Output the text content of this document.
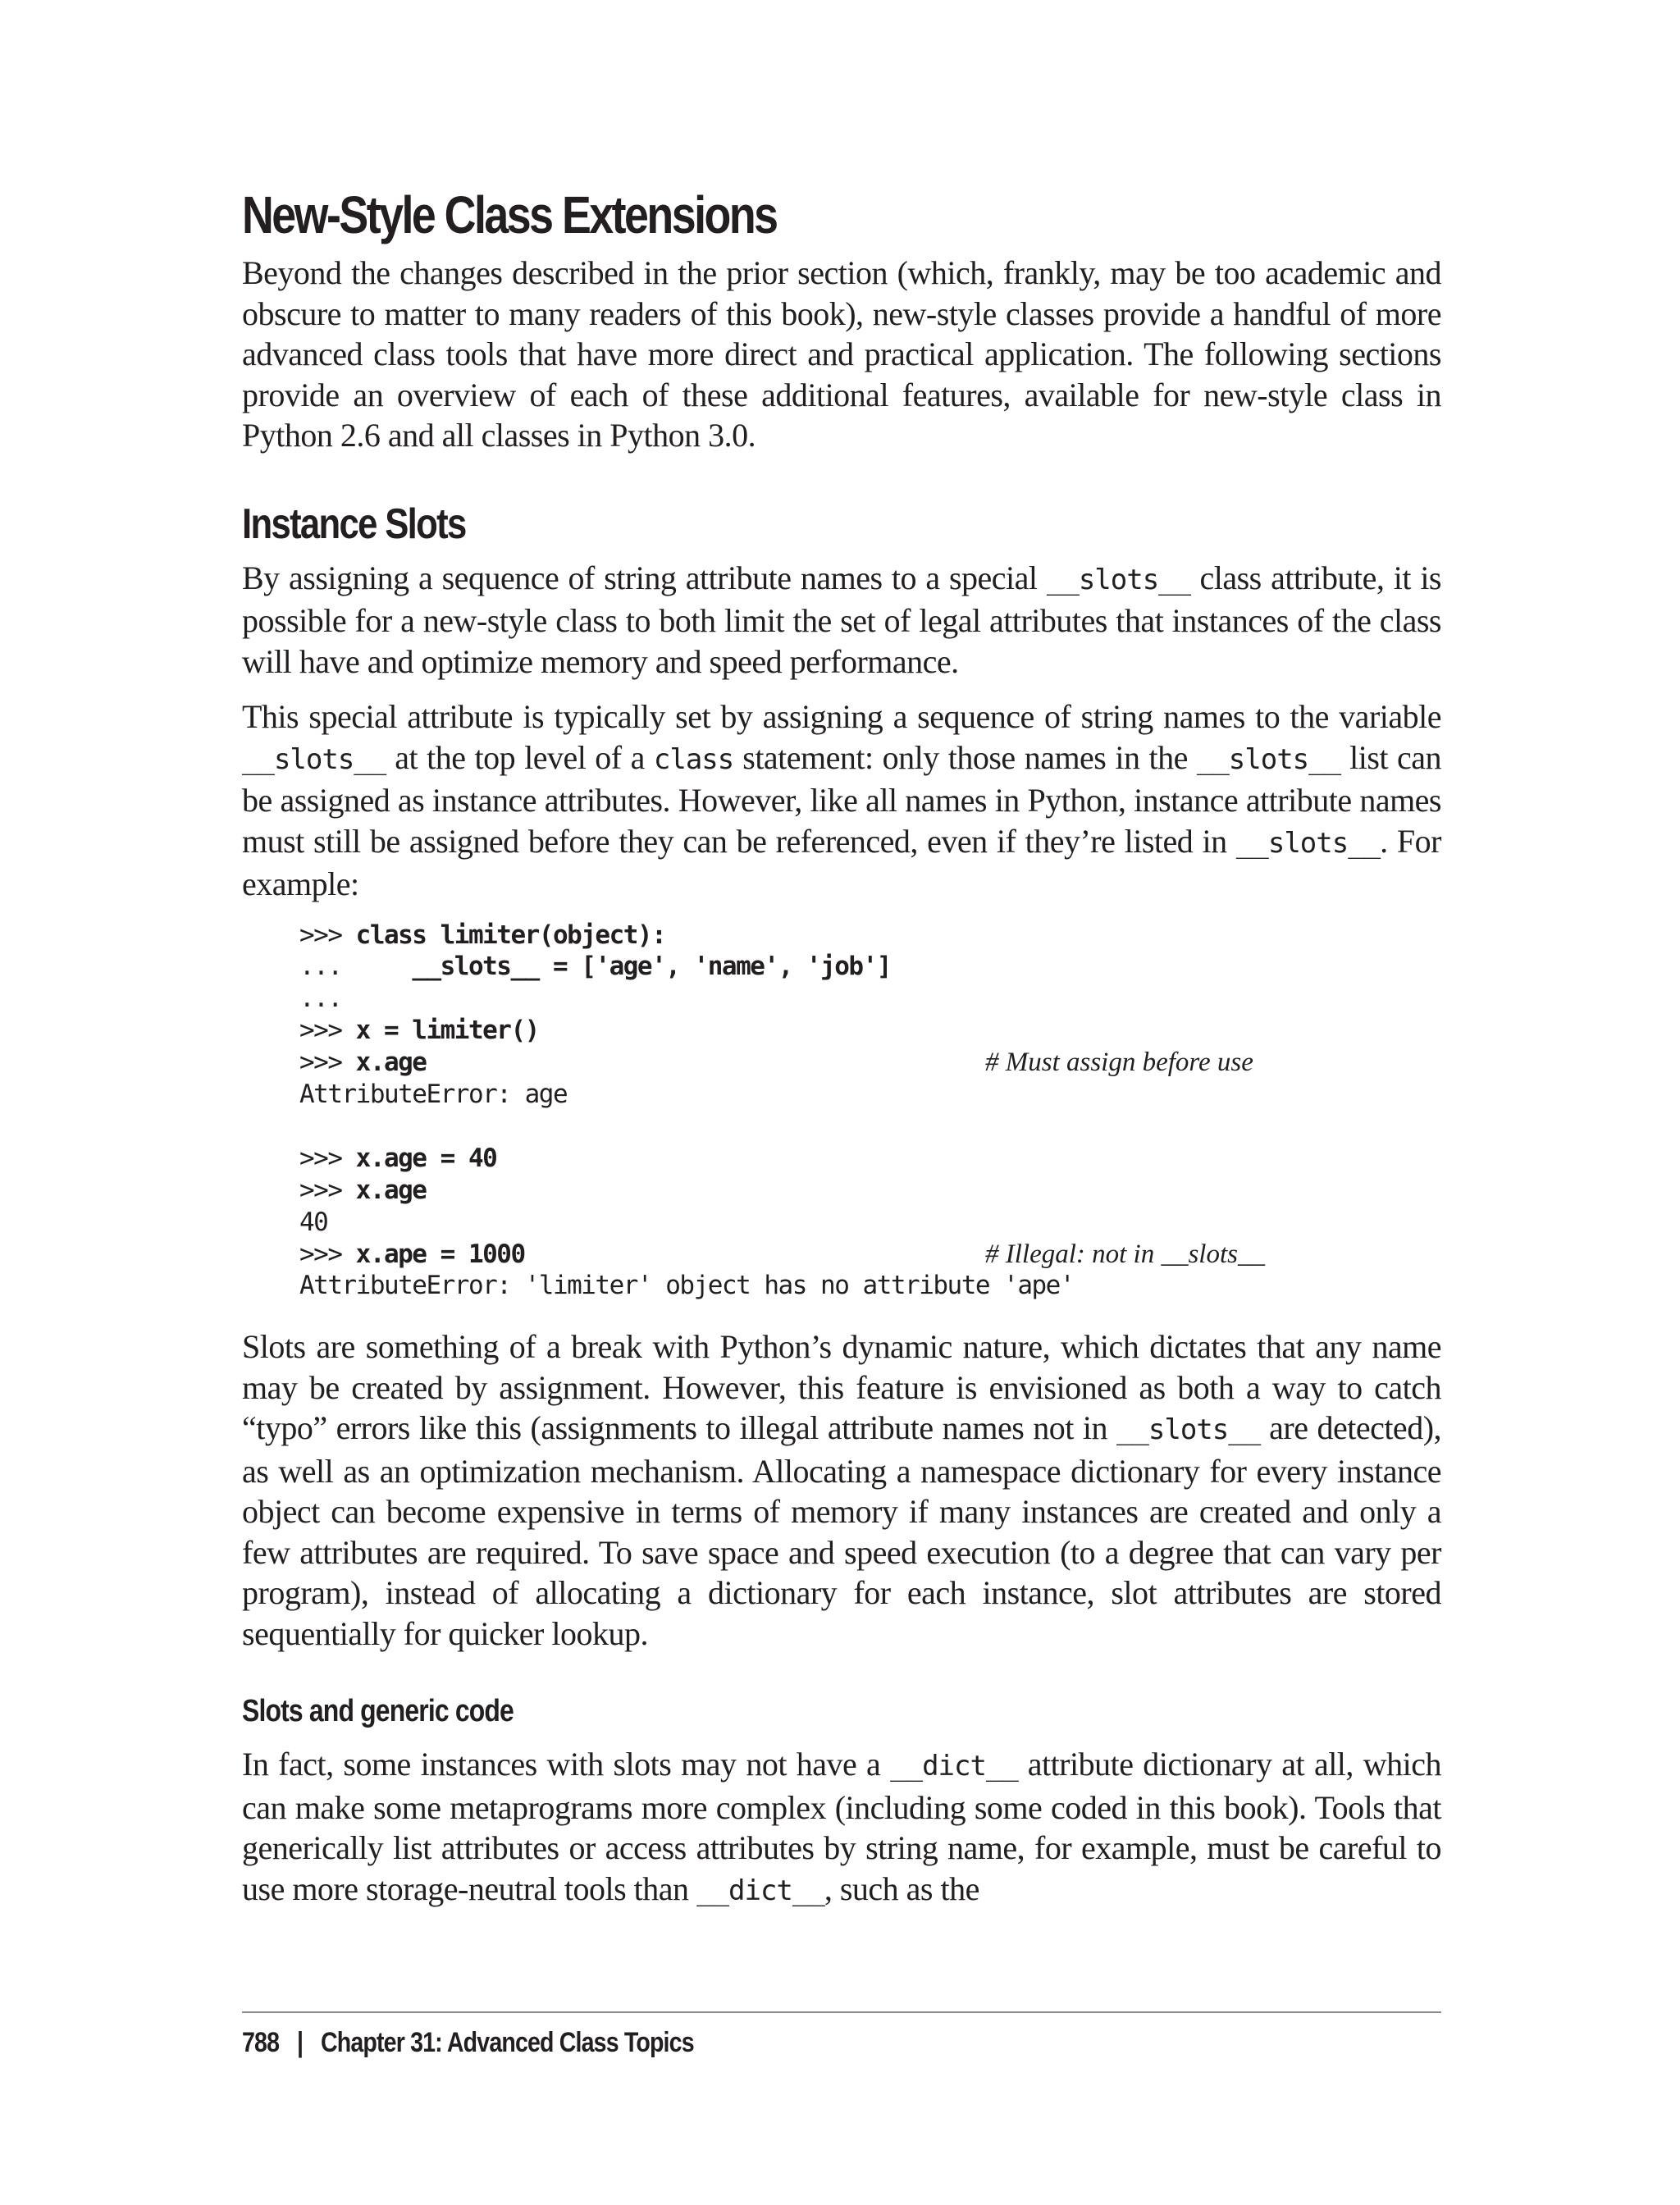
New-Style Class Extensions

Beyond the changes described in the prior section (which, frankly, may be too academic and obscure to matter to many readers of this book), new-style classes provide a handful of more advanced class tools that have more direct and practical application. The following sections provide an overview of each of these additional features, available for new-style class in Python 2.6 and all classes in Python 3.0.

Instance Slots

By assigning a sequence of string attribute names to a special __slots__ class attribute, it is possible for a new-style class to both limit the set of legal attributes that instances of the class will have and optimize memory and speed performance.

This special attribute is typically set by assigning a sequence of string names to the variable __slots__ at the top level of a class statement: only those names in the __slots__ list can be assigned as instance attributes. However, like all names in Python, instance attribute names must still be assigned before they can be referenced, even if they’re listed in __slots__. For example:

>>> class limiter(object):
...     __slots__ = ['age', 'name', 'job']
...
>>> x = limiter()
>>> x.age	# Must assign before use

AttributeError: age

>>> x.age = 40
>>> x.age
40
>>> x.ape = 1000	# Illegal: not in __slots__

AttributeError: 'limiter' object has no attribute 'ape'

Slots are something of a break with Python’s dynamic nature, which dictates that any name may be created by assignment. However, this feature is envisioned as both a way to catch “typo” errors like this (assignments to illegal attribute names not in __slots__ are detected), as well as an optimization mechanism. Allocating a namespace dictionary for every instance object can become expensive in terms of memory if many instances are created and only a few attributes are required. To save space and speed execution (to a degree that can vary per program), instead of allocating a dictionary for each instance, slot attributes are stored sequentially for quicker lookup.

Slots and generic code

In fact, some instances with slots may not have a __dict__ attribute dictionary at all, which can make some metaprograms more complex (including some coded in this book). Tools that generically list attributes or access attributes by string name, for example, must be careful to use more storage-neutral tools than __dict__, such as the

788 | Chapter 31: Advanced Class Topics
